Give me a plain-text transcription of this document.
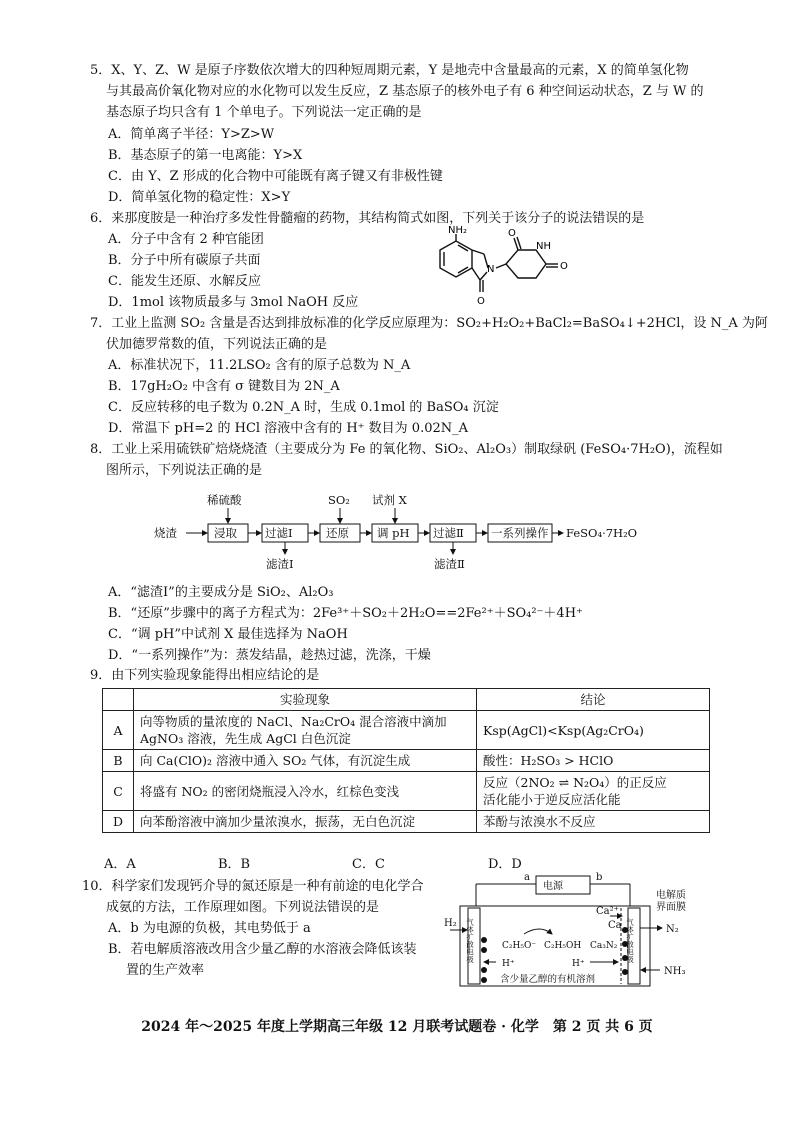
5．X、Y、Z、W 是原子序数依次增大的四种短周期元素，Y 是地壳中含量最高的元素，X 的简单氢化物
与其最高价氧化物对应的水化物可以发生反应，Z 基态原子的核外电子有 6 种空间运动状态，Z 与 W 的
基态原子均只含有 1 个单电子。下列说法一定正确的是
A．简单离子半径：Y>Z>W
B．基态原子的第一电离能：Y>X
C．由 Y、Z 形成的化合物中可能既有离子键又有非极性键
D．简单氢化物的稳定性：X>Y
6．来那度胺是一种治疗多发性骨髓瘤的药物，其结构简式如图，下列关于该分子的说法错误的是
A．分子中含有 2 种官能团
B．分子中所有碳原子共面
C．能发生还原、水解反应
D．1mol 该物质最多与 3mol NaOH 反应
NH₂
N
NH
O
O
O
7．工业上监测 SO₂ 含量是否达到排放标准的化学反应原理为：SO₂+H₂O₂+BaCl₂=BaSO₄↓+2HCl，设 N_A 为阿
伏加德罗常数的值，下列说法正确的是
A．标准状况下，11.2LSO₂ 含有的原子总数为 N_A
B．17gH₂O₂ 中含有 σ 键数目为 2N_A
C．反应转移的电子数为 0.2N_A 时，生成 0.1mol 的 BaSO₄ 沉淀
D．常温下 pH=2 的 HCl 溶液中含有的 H⁺ 数目为 0.02N_A
8．工业上采用硫铁矿焙烧烧渣（主要成分为 Fe 的氧化物、SiO₂、Al₂O₃）制取绿矾 (FeSO₄·7H₂O)，流程如
图所示，下列说法正确的是
烧渣	浸取 过滤Ⅰ	还原 调 pH 过滤Ⅱ 一系列操作 FeSO₄·7H₂O
稀硫酸	SO₂ 试剂 X
滤渣Ⅰ	滤渣Ⅱ
A．“滤渣Ⅰ”的主要成分是 SiO₂、Al₂O₃
B．“还原”步骤中的离子方程式为：2Fe³⁺＋SO₂＋2H₂O==2Fe²⁺＋SO₄²⁻＋4H⁺
C．“调 pH”中试剂 X 最佳选择为 NaOH
D．“一系列操作”为：蒸发结晶，趁热过滤，洗涤，干燥
9．由下列实验现象能得出相应结论的是
	实验现象	结论
A	向等物质的量浓度的 NaCl、Na₂CrO₄ 混合溶液中滴加
AgNO₃ 溶液，先生成 AgCl 白色沉淀	Ksp(AgCl)<Ksp(Ag₂CrO₄)
B	向 Ca(ClO)₂ 溶液中通入 SO₂ 气体，有沉淀生成	酸性：H₂SO₃ > HClO
C	将盛有 NO₂ 的密闭烧瓶浸入冷水，红棕色变浅	反应（2NO₂ ⇌ N₂O₄）的正反应
活化能小于逆反应活化能

D	向苯酚溶液中滴加少量浓溴水，振荡，无白色沉淀	苯酚与浓溴水不反应
A．A	B．B	C．C	D．D
10．科学家们发现钙介导的氮还原是一种有前途的电化学合
成氨的方法，工作原理如图。下列说法错误的是
A．b 为电源的负极，其电势低于 a
B．若电解质溶液改用含少量乙醇的水溶液会降低该装
置的生产效率
电源
a	b
电解质
界面膜
Ca²⁺
Ca
H₂
C₂H₅O⁻ C₂H₅OH Ca₃N₂
H⁺	H⁺
N₂
NH₃
含少量乙醇的有机溶剂
气体扩散电极	气体扩散电极
2024 年～2025 年度上学期高三年级 12 月联考试题卷 · 化学　第 2 页 共 6 页
